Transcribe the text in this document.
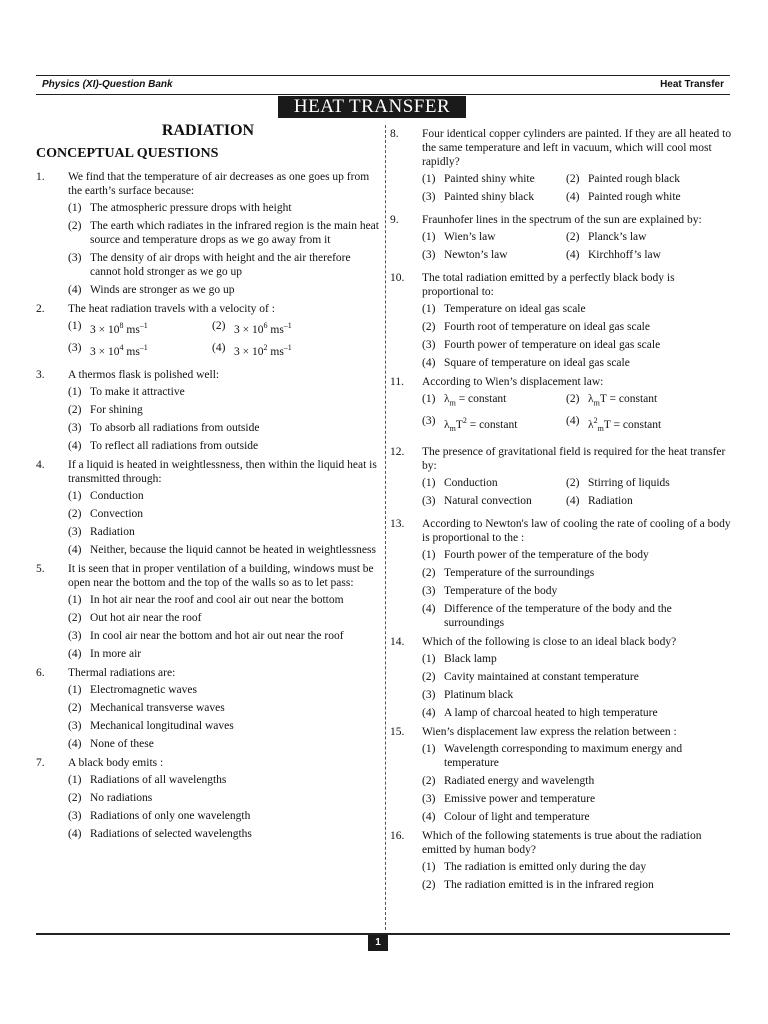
Physics (XI)-Question Bank	Heat Transfer
HEAT TRANSFER
RADIATION
CONCEPTUAL QUESTIONS
1. We find that the temperature of air decreases as one goes up from the earth’s surface because:
(1) The atmospheric pressure drops with height
(2) The earth which radiates in the infrared region is the main heat source and temperature drops as we go away from it
(3) The density of air drops with height and the air therefore cannot hold stronger as we go up
(4) Winds are stronger as we go up
2. The heat radiation travels with a velocity of :
(1) $3 \times 10^8$ $ms^{-1}$	(2) $3 \times 10^6$ $ms^{-1}$
(3) $3 \times 10^4$ $ms^{-1}$	(4) $3 \times 10^2$ $ms^{-1}$
3. A thermos flask is polished well:
(1) To make it attractive
(2) For shining
(3) To absorb all radiations from outside
(4) To reflect all radiations from outside
4. If a liquid is heated in weightlessness, then within the liquid heat is transmitted through:
(1) Conduction
(2) Convection
(3) Radiation
(4) Neither, because the liquid cannot be heated in weightlessness
5. It is seen that in proper ventilation of a building, windows must be open near the bottom and the top of the walls so as to let pass:
(1) In hot air near the roof and cool air out near the bottom
(2) Out hot air near the roof
(3) In cool air near the bottom and hot air out near the roof
(4) In more air
6. Thermal radiations are:
(1) Electromagnetic waves
(2) Mechanical transverse waves
(3) Mechanical longitudinal waves
(4) None of these
7. A black body emits :
(1) Radiations of all wavelengths
(2) No radiations
(3) Radiations of only one wavelength
(4) Radiations of selected wavelengths
8. Four identical copper cylinders are painted. If they are all heated to the same temperature and left in vacuum, which will cool most rapidly?
(1) Painted shiny white	(2) Painted rough black
(3) Painted shiny black	(4) Painted rough white
9. Fraunhofer lines in the spectrum of the sun are explained by:
(1) Wien’s law	(2) Planck’s law
(3) Newton’s law	(4) Kirchhoff’s law
10. The total radiation emitted by a perfectly black body is proportional to:
(1) Temperature on ideal gas scale
(2) Fourth root of temperature on ideal gas scale
(3) Fourth power of temperature on ideal gas scale
(4) Square of temperature on ideal gas scale
11. According to Wien’s displacement law:
(1) $\lambda_m$ = constant	(2) $\lambda_mT$ = constant
(3) $\lambda_mT^2$ = constant	(4) $\lambda^2_mT$ = constant
12. The presence of gravitational field is required for the heat transfer by:
(1) Conduction	(2) Stirring of liquids
(3) Natural convection	(4) Radiation
13. According to Newton's law of cooling the rate of cooling of a body is proportional to the :
(1) Fourth power of the temperature of the body
(2) Temperature of the surroundings
(3) Temperature of the body
(4) Difference of the temperature of the body and the surroundings
14. Which of the following is close to an ideal black body?
(1) Black lamp
(2) Cavity maintained at constant temperature
(3) Platinum black
(4) A lamp of charcoal heated to high temperature
15. Wien’s displacement law express the relation between :
(1) Wavelength corresponding to maximum energy and temperature
(2) Radiated energy and wavelength
(3) Emissive power and temperature
(4) Colour of light and temperature
16. Which of the following statements is true about the radiation emitted by human body?
(1) The radiation is emitted only during the day
(2) The radiation emitted is in the infrared region
1
